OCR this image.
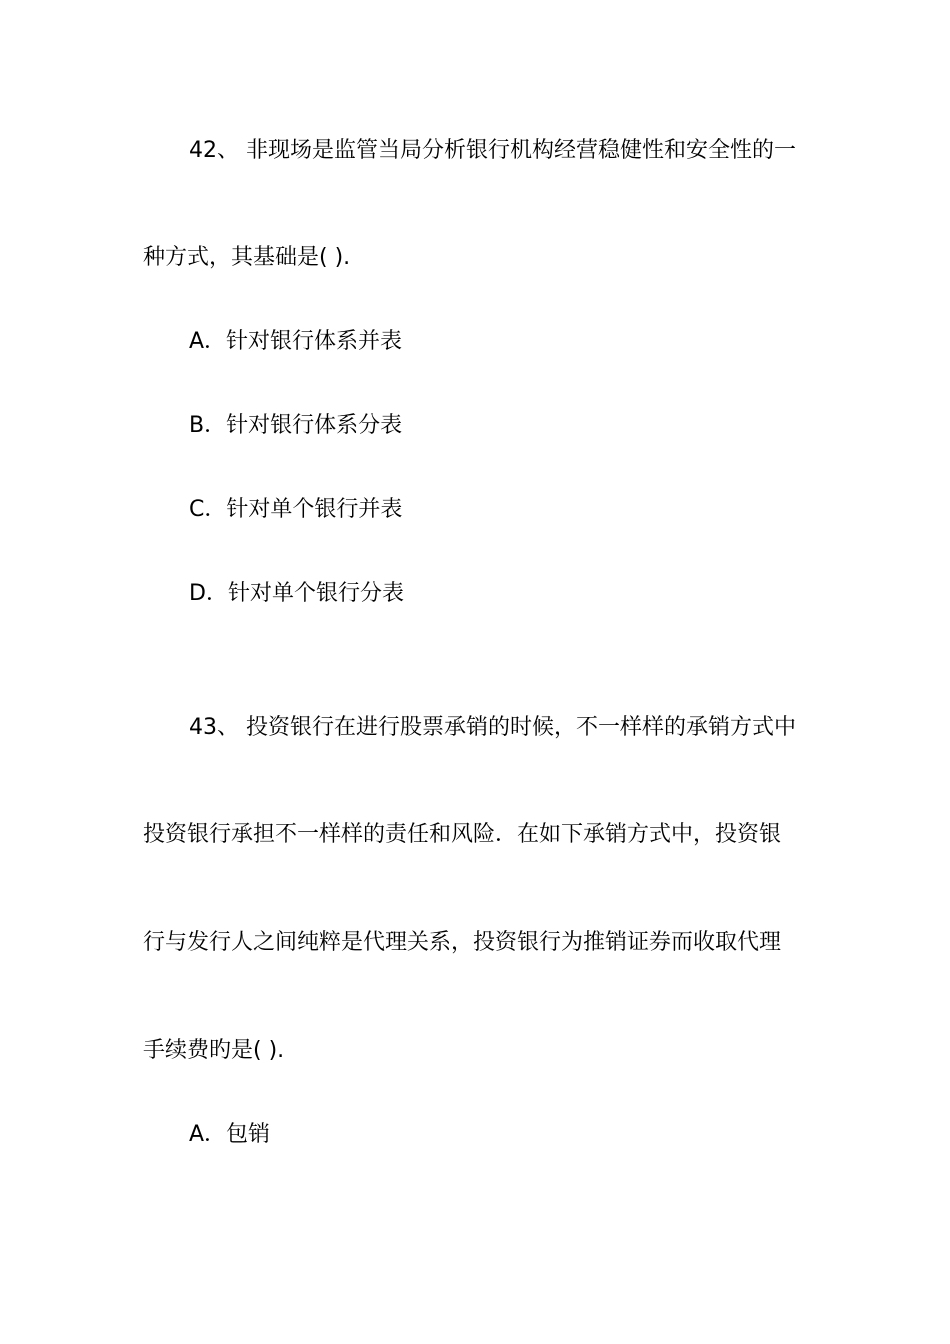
42、 非现场是监管当局分析银行机构经营稳健性和安全性的一
种方式，其基础是( ).
A．针对银行体系并表
B．针对银行体系分表
C．针对单个银行并表
D．针对单个银行分表
43、 投资银行在进行股票承销的时候，不一样样的承销方式中
投资银行承担不一样样的责任和风险．在如下承销方式中，投资银
行与发行人之间纯粹是代理关系，投资银行为推销证券而收取代理
手续费旳是( ).
A．包销
